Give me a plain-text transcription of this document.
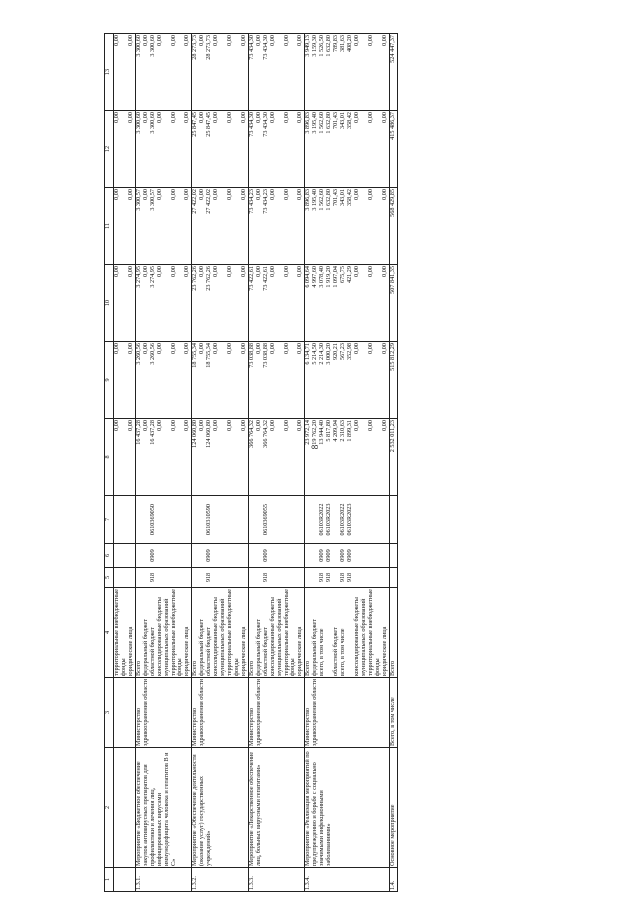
8
1	2	3	4	5	6	7	8	9	10	11	12	13
			территориальные внебюджетные фонды				0,00	0,00	0,00	0,00	0,00	0,00
			юридические лица				0,00	0,00	0,00	0,00	0,00	0,00
1.3.1.	Мероприятие «Бюджетное обеспечение закупок антивирусных препаратов для профилактики и лечения лиц, инфицированных вирусами иммунодефицита человека и гепатитов В и С»	Министерство здравоохранения области	Всего				16 437,28	3 260,56	3 274,95	3 300,57	3 300,60	3 300,60
			федеральный бюджет				0,00	0,00	0,00	0,00	0,00	0,00
			областной бюджет	918	0909	0610369050	16 437,28	3 260,56	3 274,95	3 300,57	3 300,60	3 300,60
			консолидированные бюджеты муниципальных образований				0,00	0,00	0,00	0,00	0,00	0,00
			территориальные внебюджетные фонды				0,00	0,00	0,00	0,00	0,00	0,00
			юридические лица				0,00	0,00	0,00	0,00	0,00	0,00
1.3.2.	Мероприятие «Обеспечение деятельности (оказание услуг) государственных учреждений»	Министерство здравоохранения области	Всего				124 060,80	18 755,34	23 762,26	27 422,02	25 847,45	28 273,73
			федеральный бюджет				0,00	0,00	0,00	0,00	0,00	0,00
			областной бюджет	918	0909	0610310590	124 060,80	18 755,34	23 762,26	27 422,02	25 847,45	28 273,73
			консолидированные бюджеты муниципальных образований				0,00	0,00	0,00	0,00	0,00	0,00
			территориальные внебюджетные фонды				0,00	0,00	0,00	0,00	0,00	0,00
			юридические лица				0,00	0,00	0,00	0,00	0,00	0,00
1.3.3.	Мероприятие «Лекарственное обеспечение лиц, больных вирусными гепатитами»	Министерство здравоохранения области	Всего				366 764,32	73 038,88	73 422,61	73 434,23	73 434,30	73 434,30
			федеральный бюджет				0,00	0,00	0,00	0,00	0,00	0,00
			областной бюджет	918	0909	0610369055	366 764,32	73 038,88	73 422,61	73 434,23	73 434,30	73 434,30
			консолидированные бюджеты муниципальных образований				0,00	0,00	0,00	0,00	0,00	0,00
			территориальные внебюджетные фонды				0,00	0,00	0,00	0,00	0,00	0,00
			юридические лица				0,00	0,00	0,00	0,00	0,00	0,00
1.3.4.	Мероприятие «Реализация мероприятий по предупреждению и борьбе с социально значимыми инфекционными заболеваниями»	Министерство здравоохранения области	Всего				23 972,14	6 134,71	6 094,64	3 896,83	3 896,83	3 949,13
			федеральный бюджет				19 762,20	5 214,50	4 997,60	3 195,40	3 195,40	3 159,30
			всего, в том числе	918	0909	06103R2022	13 944,40	2 214,30	3 078,40	1 562,60	1 562,60	1 526,50
				918	0909	06103R2023	5 817,80	3 000,20	1 919,20	1 632,80	1 632,80	1 632,80
			областной бюджет				4 209,94	920,21	1 097,04	701,43	701,43	789,83
			всего, в том числе	918	0909	06103R2022	2 310,63	567,23	675,75	343,01	343,01	381,63
				918	0909	06103R2023	1 899,31	352,98	421,29	358,42	358,42	408,20
			консолидированные бюджеты муниципальных образований				0,00	0,00	0,00	0,00	0,00	0,00
			территориальные внебюджетные фонды				0,00	0,00	0,00	0,00	0,00	0,00
			юридические лица				0,00	0,00	0,00	0,00	0,00	0,00
1.4.	Основное мероприятие	Всего, в том числе	Всего				2 532 011,23	515 812,29	507 841,35	568 429,85	415 486,37	524 447,37
